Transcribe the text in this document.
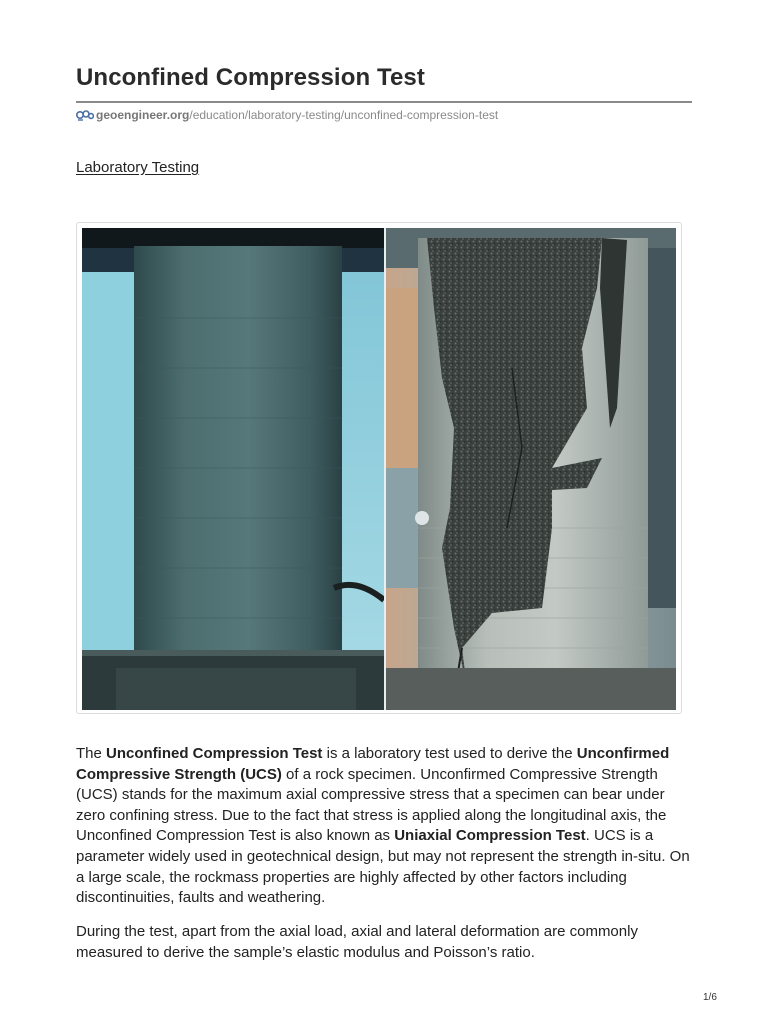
Unconfined Compression Test
geoengineer.org /education/laboratory-testing/unconfined-compression-test
Laboratory Testing

The Unconfined Compression Test is a laboratory test used to derive the Unconfirmed Compressive Strength (UCS) of a rock specimen. Unconfirmed Compressive Strength (UCS) stands for the maximum axial compressive stress that a specimen can bear under zero confining stress. Due to the fact that stress is applied along the longitudinal axis, the Unconfined Compression Test is also known as Uniaxial Compression Test. UCS is a parameter widely used in geotechnical design, but may not represent the strength in-situ. On a large scale, the rockmass properties are highly affected by other factors including discontinuities, faults and weathering.

During the test, apart from the axial load, axial and lateral deformation are commonly measured to derive the sample’s elastic modulus and Poisson’s ratio.

1/6
